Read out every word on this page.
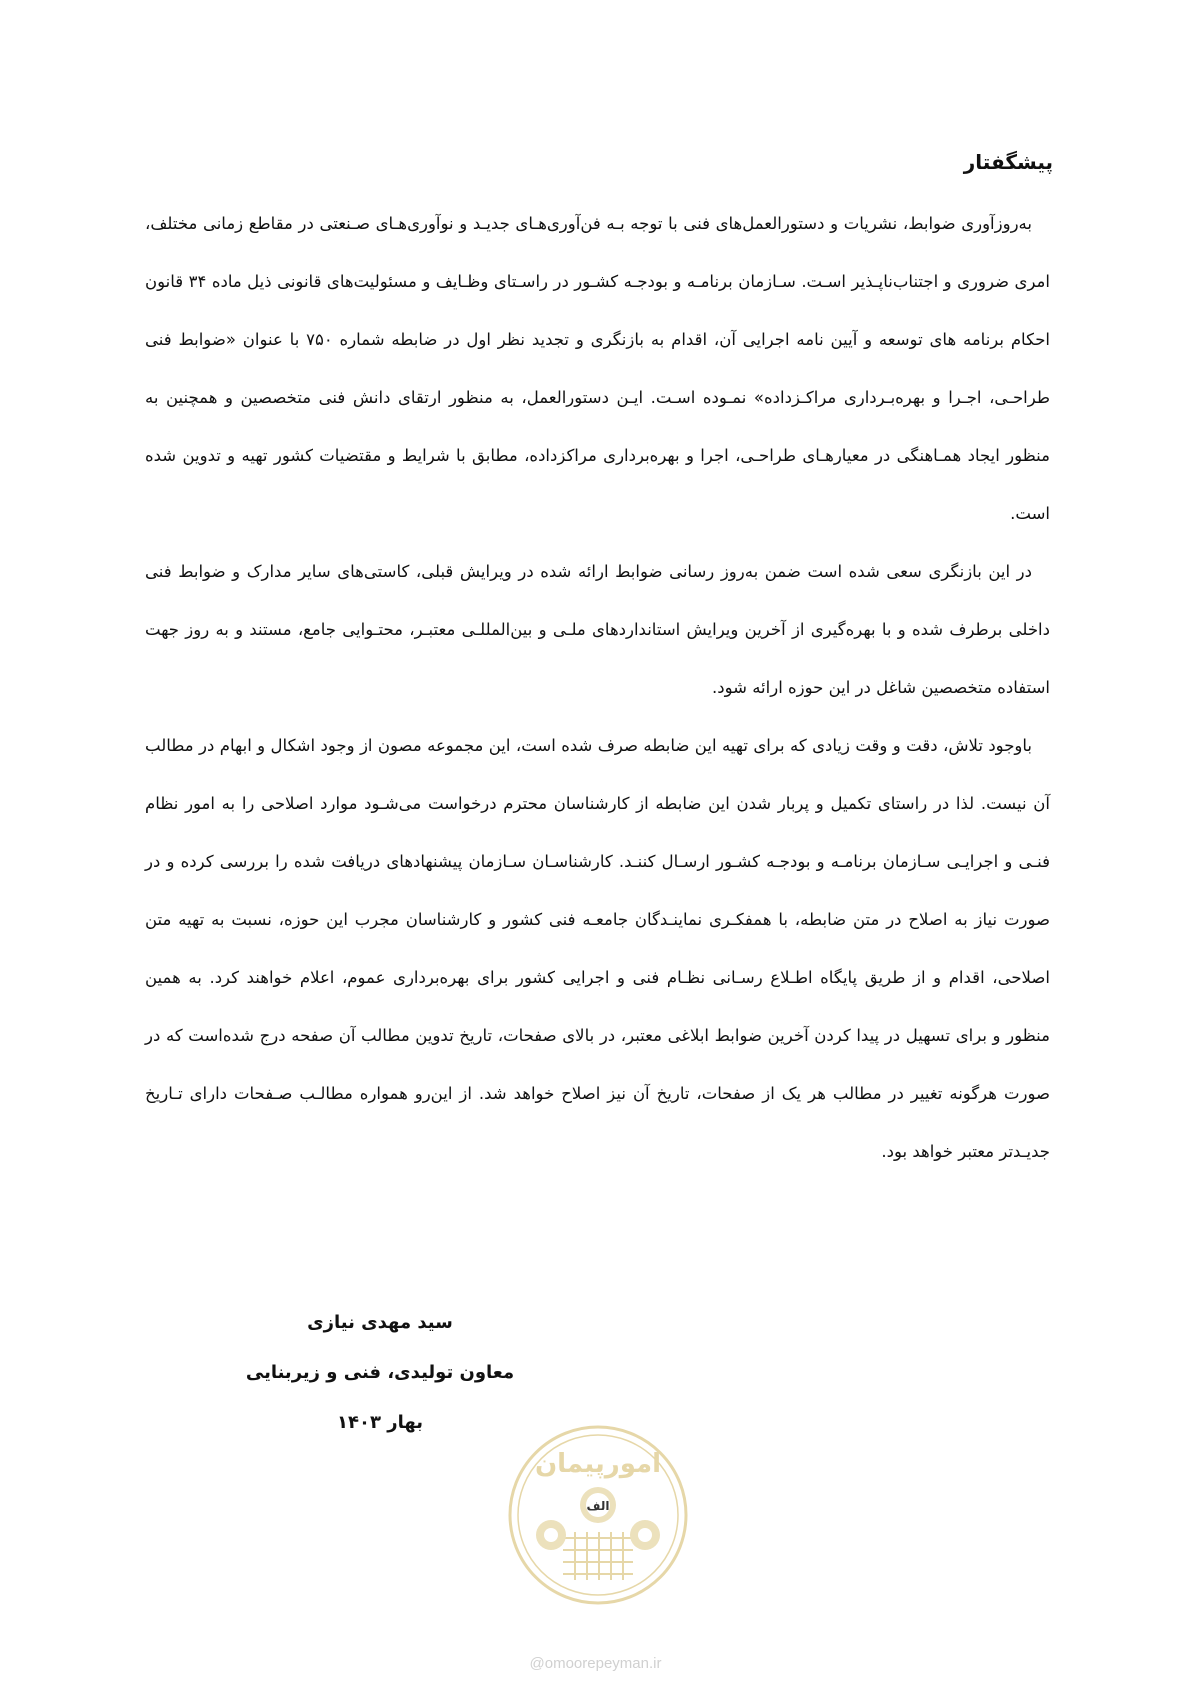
پیشگفتار

به‌روزآوری ضوابط، نشریات و دستورالعمل‌های فنی با توجه بـه فن‌آوری‌هـای جدیـد و نوآوری‌هـای صـنعتی در مقاطع زمانی مختلف، امری ضروری و اجتناب‌ناپـذیر اسـت. سـازمان برنامـه و بودجـه کشـور در راسـتای وظـایف و مسئولیت‌های قانونی ذیل ماده ۳۴ قانون احکام برنامه های توسعه و آیین نامه اجرایی آن، اقدام به بازنگری و تجدید نظر اول در ضابطه شماره ۷۵۰ با عنوان «ضوابط فنی طراحـی، اجـرا و بهره‌بـرداری مراکـزداده» نمـوده اسـت. ایـن دستورالعمل، به منظور ارتقای دانش فنی متخصصین و همچنین به منظور ایجاد همـاهنگی در معیارهـای طراحـی، اجرا و بهره‌برداری مراکزداده، مطابق با شرایط و مقتضیات کشور تهیه و تدوین شده است.

در این بازنگری سعی شده است ضمن به‌روز رسانی ضوابط ارائه شده در ویرایش قبلی، کاستی‌های سایر مدارک و ضوابط فنی داخلی برطرف شده و با بهره‌گیری از آخرین ویرایش استانداردهای ملـی و بین‌المللـی معتبـر، محتـوایی جامع، مستند و به روز جهت استفاده متخصصین شاغل در این حوزه ارائه شود.

باوجود تلاش، دقت و وقت زیادی که برای تهیه این ضابطه صرف شده است، این مجموعه مصون از وجود اشکال و ابهام در مطالب آن نیست. لذا در راستای تکمیل و پربار شدن این ضابطه از کارشناسان محترم درخواست می‌شـود موارد اصلاحی را به امور نظام فنـی و اجرایـی سـازمان برنامـه و بودجـه کشـور ارسـال کننـد. کارشناسـان سـازمان پیشنهادهای دریافت شده را بررسی کرده و در صورت نیاز به اصلاح در متن ضابطه، با همفکـری نماینـدگان جامعـه فنی کشور و کارشناسان مجرب این حوزه، نسبت به تهیه متن اصلاحی، اقدام و از طریق پایگاه اطـلاع رسـانی نظـام فنی و اجرایی کشور برای بهره‌برداری عموم، اعلام خواهند کرد. به همین منظور و برای تسهیل در پیدا کردن آخرین ضوابط ابلاغی معتبر، در بالای صفحات، تاریخ تدوین مطالب آن صفحه درج شده‌است که در صورت هرگونه تغییر در مطالب هر یک از صفحات، تاریخ آن نیز اصلاح خواهد شد. از این‌رو همواره مطالـب صـفحات دارای تـاریخ جدیـدتر معتبر خواهد بود.

سید مهدی نیازی
معاون تولیدی، فنی و زیربنایی
بهار ۱۴۰۳
امورپیمان
الف
@omoorepeyman.ir
